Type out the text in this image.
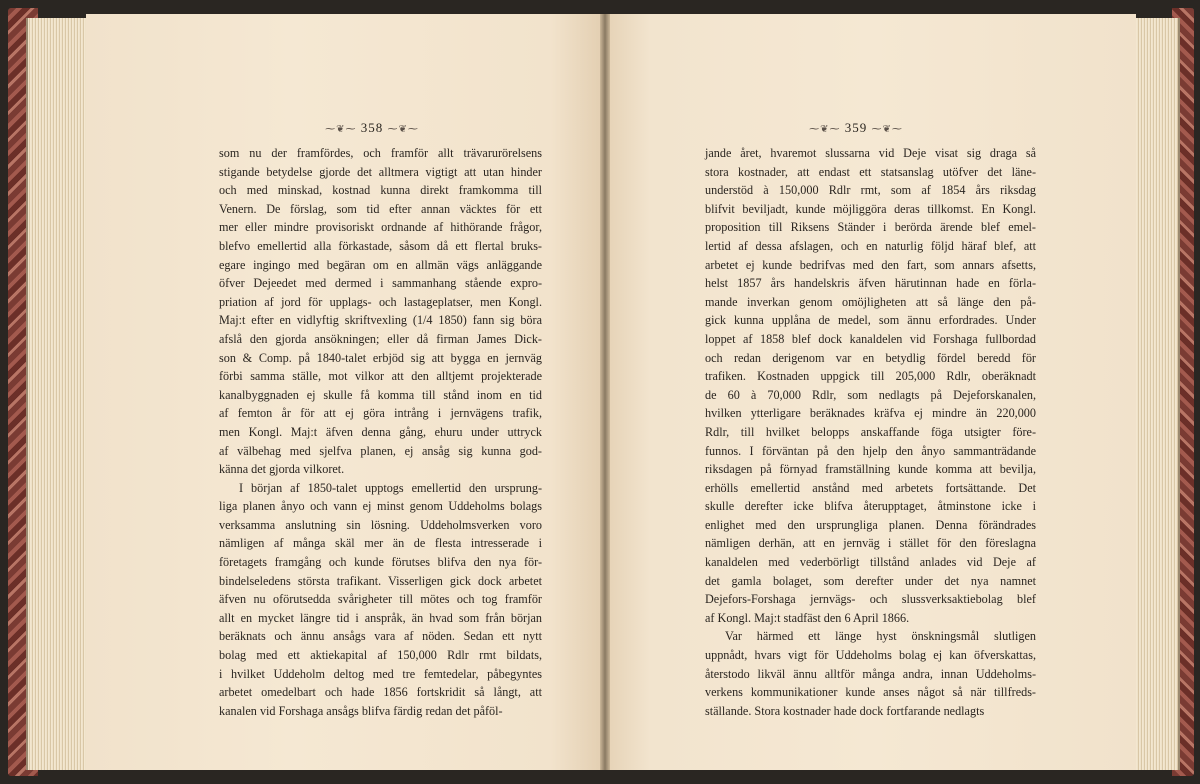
⁓❦⁓ 358 ⁓❦⁓	⁓❦⁓ 359 ⁓❦⁓
som nu der framfördes, och framför allt trävarurörelsens
stigande betydelse gjorde det alltmera vigtigt att utan hinder
och med minskad, kostnad kunna direkt framkomma till
Venern. De förslag, som tid efter annan väcktes för ett
mer eller mindre provisoriskt ordnande af hithörande frågor,
blefvo emellertid alla förkastade, såsom då ett flertal bruks-
egare ingingo med begäran om en allmän vägs anläggande
öfver Dejeedet med dermed i sammanhang stående expro-
priation af jord för upplags- och lastageplatser, men Kongl.
Maj:t efter en vidlyftig skriftvexling (1/4 1850) fann sig böra
afslå den gjorda ansökningen; eller då firman James Dick-
son & Comp. på 1840-talet erbjöd sig att bygga en jernväg
förbi samma ställe, mot vilkor att den alltjemt projekterade
kanalbyggnaden ej skulle få komma till stånd inom en tid
af femton år för att ej göra intrång i jernvägens trafik,
men Kongl. Maj:t äfven denna gång, ehuru under uttryck
af välbehag med sjelfva planen, ej ansåg sig kunna god-
känna det gjorda vilkoret.
I början af 1850-talet upptogs emellertid den ursprung-
liga planen ånyo och vann ej minst genom Uddeholms bolags
verksamma anslutning sin lösning. Uddeholmsverken voro
nämligen af många skäl mer än de flesta intresserade i
företagets framgång och kunde förutses blifva den nya för-
bindelseledens största trafikant. Visserligen gick dock arbetet
äfven nu oförutsedda svårigheter till mötes och tog framför
allt en mycket längre tid i anspråk, än hvad som från början
beräknats och ännu ansågs vara af nöden. Sedan ett nytt
bolag med ett aktiekapital af 150,000 Rdlr rmt bildats,
i hvilket Uddeholm deltog med tre femtedelar, påbegyntes
arbetet omedelbart och hade 1856 fortskridit så långt, att
kanalen vid Forshaga ansågs blifva färdig redan det påföl-
jande året, hvaremot slussarna vid Deje visat sig draga så
stora kostnader, att endast ett statsanslag utöfver det läne-
understöd à 150,000 Rdlr rmt, som af 1854 års riksdag
blifvit beviljadt, kunde möjliggöra deras tillkomst. En Kongl.
proposition till Riksens Ständer i berörda ärende blef emel-
lertid af dessa afslagen, och en naturlig följd häraf blef, att
arbetet ej kunde bedrifvas med den fart, som annars afsetts,
helst 1857 års handelskris äfven härutinnan hade en förla-
mande inverkan genom omöjligheten att så länge den på-
gick kunna upplåna de medel, som ännu erfordrades. Under
loppet af 1858 blef dock kanaldelen vid Forshaga fullbordad
och redan derigenom var en betydlig fördel beredd för
trafiken. Kostnaden uppgick till 205,000 Rdlr, oberäknadt
de 60 à 70,000 Rdlr, som nedlagts på Dejeforskanalen,
hvilken ytterligare beräknades kräfva ej mindre än 220,000
Rdlr, till hvilket belopps anskaffande föga utsigter före-
funnos. I förväntan på den hjelp den ånyo sammanträdande
riksdagen på förnyad framställning kunde komma att bevilja,
erhölls emellertid anstånd med arbetets fortsättande. Det
skulle derefter icke blifva återupptaget, åtminstone icke i
enlighet med den ursprungliga planen. Denna förändrades
nämligen derhän, att en jernväg i stället för den föreslagna
kanaldelen med vederbörligt tillstånd anlades vid Deje af
det gamla bolaget, som derefter under det nya namnet
Dejefors-Forshaga jernvägs- och slussverksaktiebolag blef
af Kongl. Maj:t stadfäst den 6 April 1866.
Var härmed ett länge hyst önskningsmål slutligen
uppnådt, hvars vigt för Uddeholms bolag ej kan öfverskattas,
återstodo likväl ännu alltför många andra, innan Uddeholms-
verkens kommunikationer kunde anses något så när tillfreds-
ställande. Stora kostnader hade dock fortfarande nedlagts
